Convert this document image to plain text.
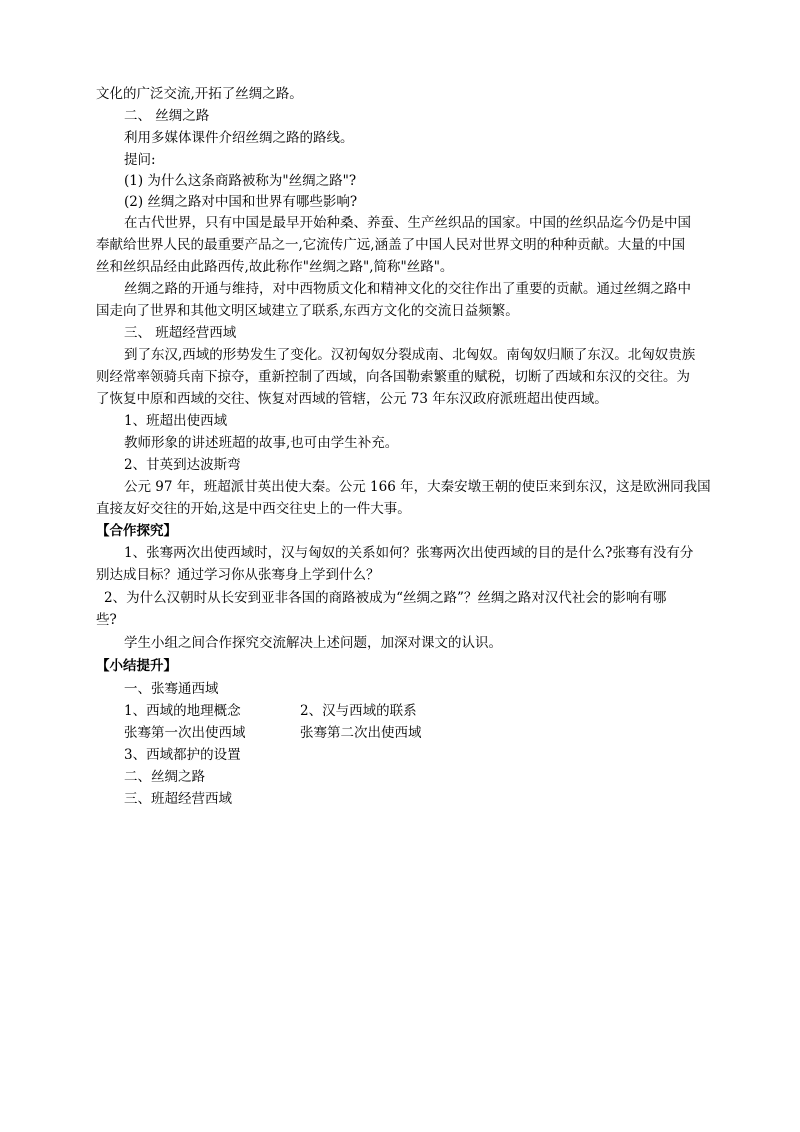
文化的广泛交流,开拓了丝绸之路。
二、 丝绸之路
利用多媒体课件介绍丝绸之路的路线。
提问:
(1) 为什么这条商路被称为"丝绸之路"?
(2) 丝绸之路对中国和世界有哪些影响?
在古代世界，只有中国是最早开始种桑、养蚕、生产丝织品的国家。中国的丝织品迄今仍是中国
奉献给世界人民的最重要产品之一,它流传广远,涵盖了中国人民对世界文明的种种贡献。大量的中国
丝和丝织品经由此路西传,故此称作"丝绸之路",简称"丝路"。
丝绸之路的开通与维持，对中西物质文化和精神文化的交往作出了重要的贡献。通过丝绸之路中
国走向了世界和其他文明区域建立了联系,东西方文化的交流日益频繁。
三、 班超经营西域
到了东汉,西域的形势发生了变化。汉初匈奴分裂成南、北匈奴。南匈奴归顺了东汉。北匈奴贵族
则经常率领骑兵南下掠夺，重新控制了西域，向各国勒索繁重的赋税，切断了西域和东汉的交往。为
了恢复中原和西域的交往、恢复对西域的管辖，公元 73 年东汉政府派班超出使西域。
1、班超出使西域
教师形象的讲述班超的故事,也可由学生补充。
2、甘英到达波斯弯
公元 97 年，班超派甘英出使大秦。公元 166 年，大秦安墩王朝的使臣来到东汉，这是欧洲同我国
直接友好交往的开始,这是中西交往史上的一件大事。
【合作探究】
1、张骞两次出使西域时，汉与匈奴的关系如何？张骞两次出使西域的目的是什么?张骞有没有分
别达成目标？通过学习你从张骞身上学到什么？
2、为什么汉朝时从长安到亚非各国的商路被成为“丝绸之路”？丝绸之路对汉代社会的影响有哪
些?
学生小组之间合作探究交流解决上述问题，加深对课文的认识。
【小结提升】
一、张骞通西域
1、西域的地理概念	2、汉与西域的联系
张骞第一次出使西域	张骞第二次出使西域
3、西域都护的设置
二、丝绸之路
三、班超经营西域
